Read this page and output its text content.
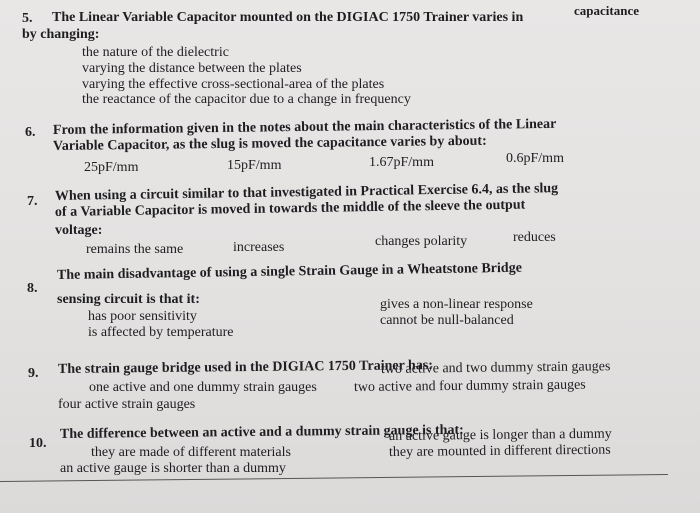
5. The Linear Variable Capacitor mounted on the DIGIAC 1750 Trainer varies in	capacitance
by changing:
the nature of the dielectric
varying the distance between the plates
varying the effective cross-sectional-area of the plates
the reactance of the capacitor due to a change in frequency
6. From the information given in the notes about the main characteristics of the Linear
Variable Capacitor, as the slug is moved the capacitance varies by about:
25pF/mm	15pF/mm	1.67pF/mm	0.6pF/mm
7. When using a circuit similar to that investigated in Practical Exercise 6.4, as the slug
of a Variable Capacitor is moved in towards the middle of the sleeve the output
voltage:
remains the same	increases	changes polarity	reduces
8.
The main disadvantage of using a single Strain Gauge in a Wheatstone Bridge
sensing circuit is that it:
has poor sensitivity
gives a non-linear response
is affected by temperature
cannot be null-balanced
9. The strain gauge bridge used in the DIGIAC 1750 Trainer has:
one active and one dummy strain gauges
two active and two dummy strain gauges
four active strain gauges
two active and four dummy strain gauges
10.
The difference between an active and a dummy strain gauge is that:
they are made of different materials
an active gauge is longer than a dummy
an active gauge is shorter than a dummy
they are mounted in different directions
